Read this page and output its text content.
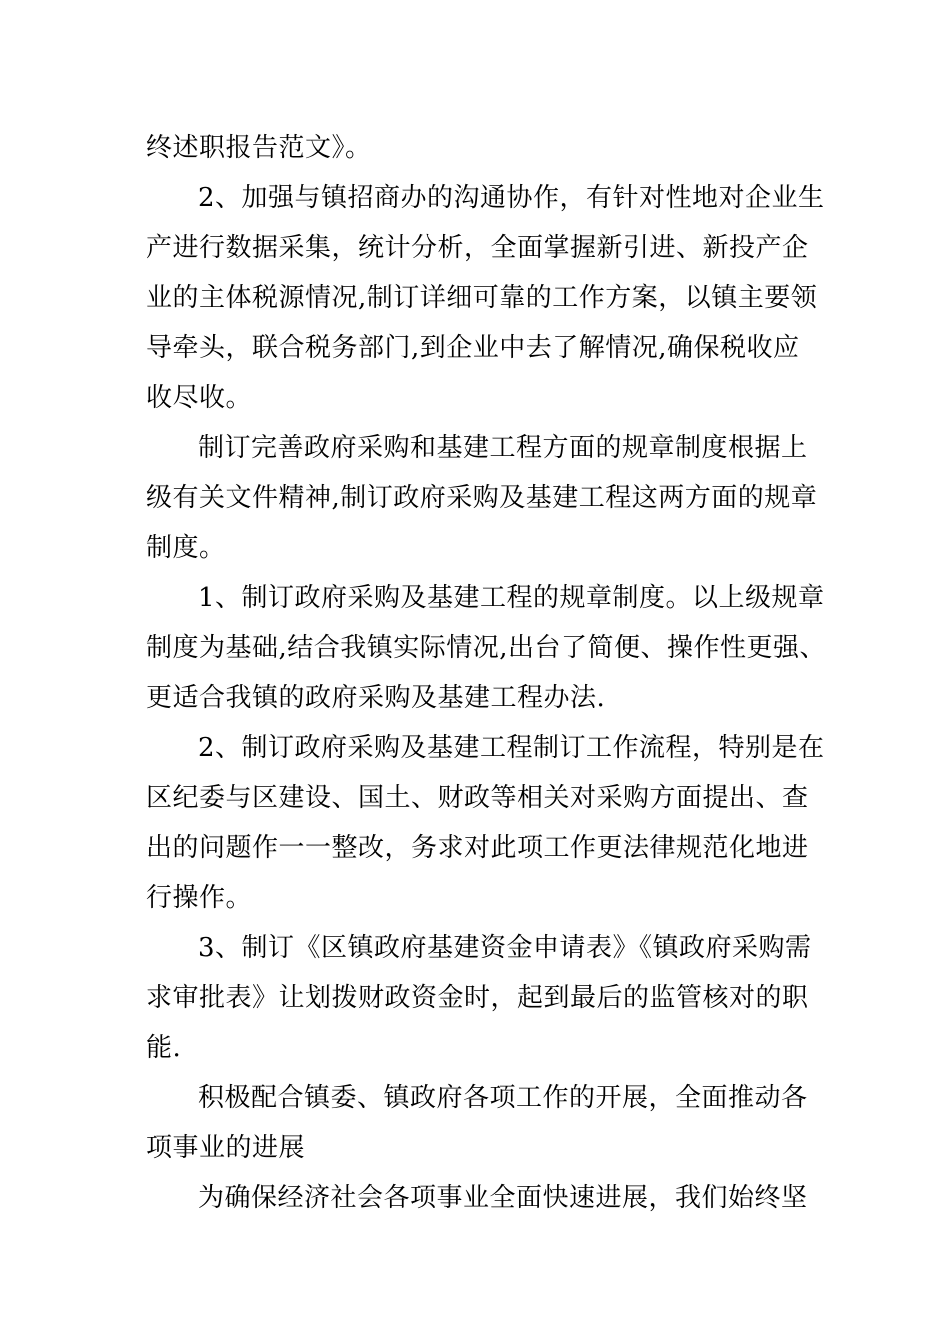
终述职报告范文》。
2、加强与镇招商办的沟通协作，有针对性地对企业生
产进行数据采集，统计分析，全面掌握新引进、新投产企
业的主体税源情况,制订详细可靠的工作方案，以镇主要领
导牵头，联合税务部门,到企业中去了解情况,确保税收应
收尽收。
制订完善政府采购和基建工程方面的规章制度根据上
级有关文件精神,制订政府采购及基建工程这两方面的规章
制度。
1、制订政府采购及基建工程的规章制度。以上级规章
制度为基础,结合我镇实际情况,出台了简便、操作性更强、
更适合我镇的政府采购及基建工程办法.
2、制订政府采购及基建工程制订工作流程，特别是在
区纪委与区建设、国土、财政等相关对采购方面提出、查
出的问题作一一整改，务求对此项工作更法律规范化地进
行操作。
3、制订《区镇政府基建资金申请表》《镇政府采购需
求审批表》让划拨财政资金时，起到最后的监管核对的职
能.
积极配合镇委、镇政府各项工作的开展，全面推动各
项事业的进展
为确保经济社会各项事业全面快速进展，我们始终坚
